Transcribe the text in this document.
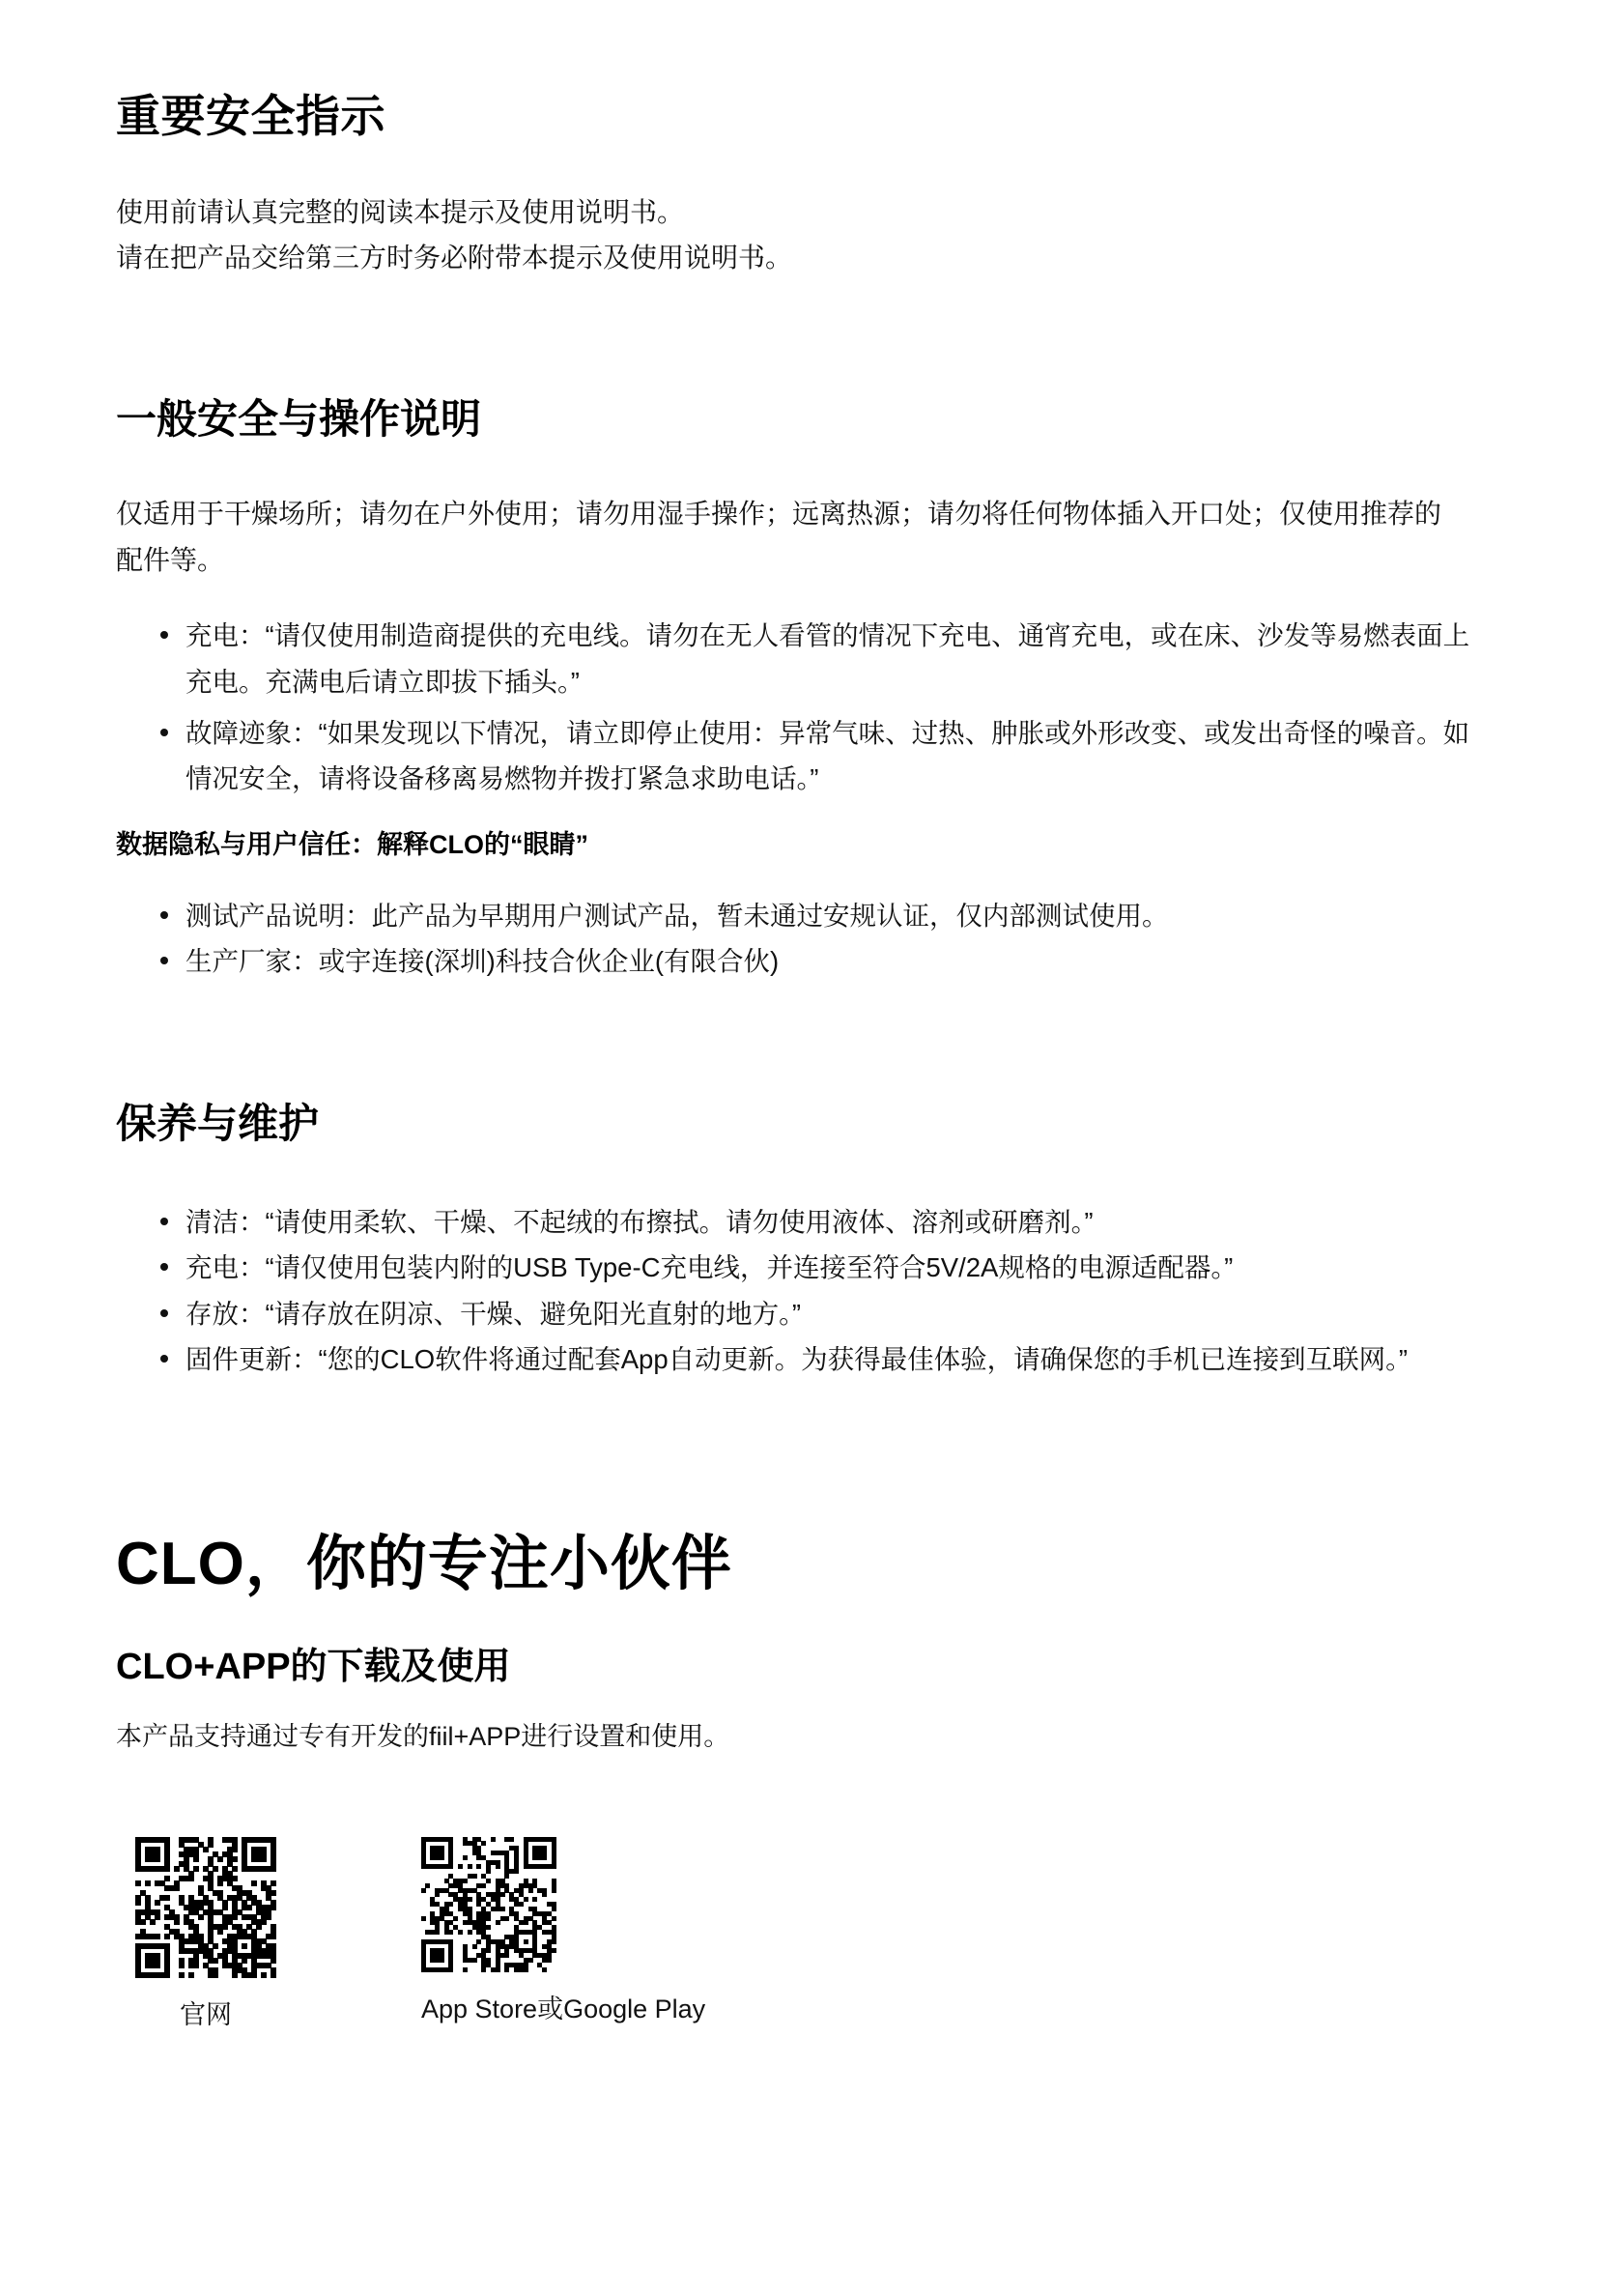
重要安全指示
使用前请认真完整的阅读本提示及使用说明书。
请在把产品交给第三方时务必附带本提示及使用说明书。
一般安全与操作说明

仅适用于干燥场所；请勿在户外使用；请勿用湿手操作；远离热源；请勿将任何物体插入开口处；仅使用推荐的配件等。

充电：“请仅使用制造商提供的充电线。请勿在无人看管的情况下充电、通宵充电，或在床、沙发等易燃表面上充电。充满电后请立即拔下插头。”
故障迹象：“如果发现以下情况，请立即停止使用：异常气味、过热、肿胀或外形改变、或发出奇怪的噪音。如情况安全，请将设备移离易燃物并拨打紧急求助电话。”
数据隐私与用户信任：解释CLO的“眼睛”
测试产品说明：此产品为早期用户测试产品，暂未通过安规认证，仅内部测试使用。
生产厂家：或宇连接(深圳)科技合伙企业(有限合伙)
保养与维护
清洁：“请使用柔软、干燥、不起绒的布擦拭。请勿使用液体、溶剂或研磨剂。”
充电：“请仅使用包装内附的USB Type-C充电线，并连接至符合5V/2A规格的电源适配器。”
存放：“请存放在阴凉、干燥、避免阳光直射的地方。”
固件更新：“您的CLO软件将通过配套App自动更新。为获得最佳体验，请确保您的手机已连接到互联网。”
CLO，你的专注小伙伴
CLO+APP的下载及使用

本产品支持通过专有开发的fiil+APP进行设置和使用。

官网	App Store或Google Play
